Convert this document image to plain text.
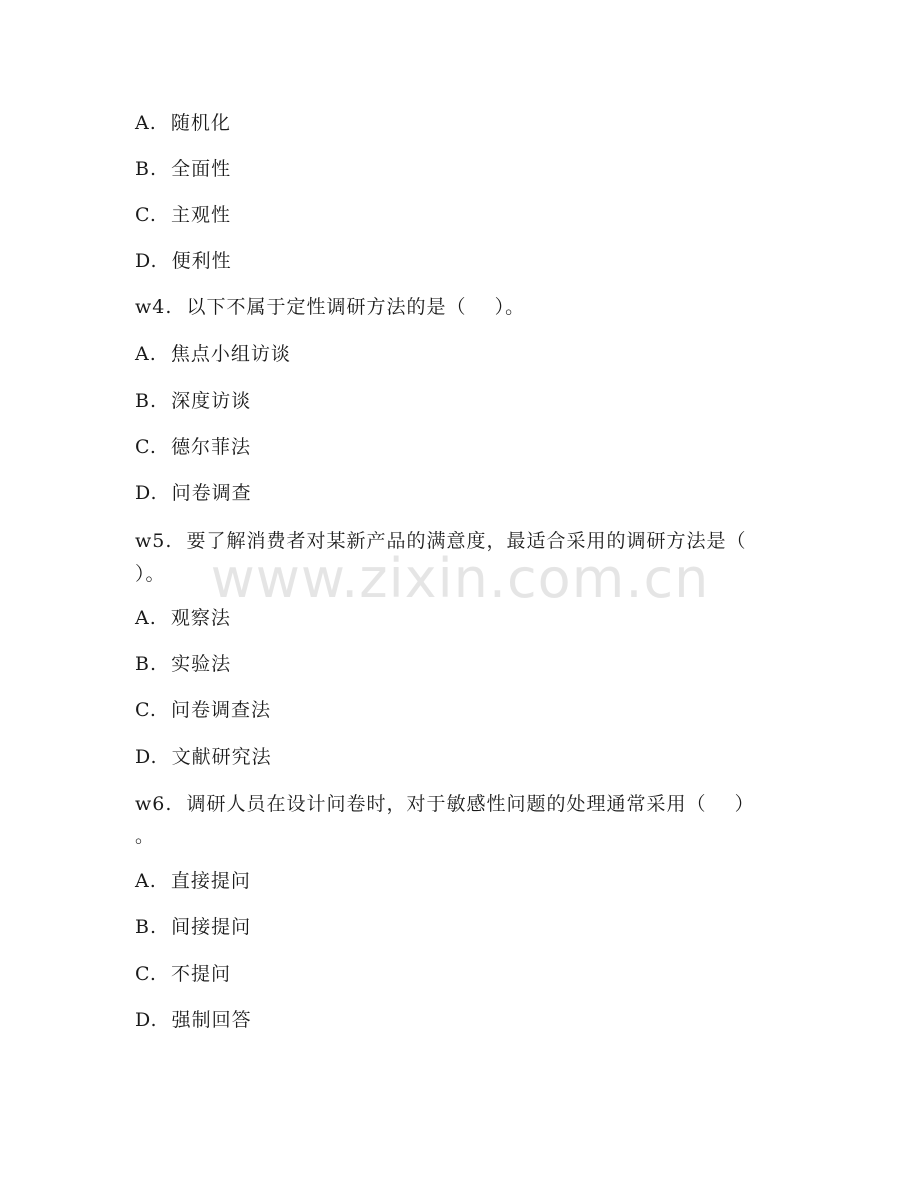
A.  随机化
B.  全面性
C.  主观性
D.  便利性
w4.  以下不属于定性调研方法的是（    ）。
A.  焦点小组访谈
B.  深度访谈
C.  德尔菲法
D.  问卷调查
w5.  要了解消费者对某新产品的满意度，最适合采用的调研方法是（
）。
A.  观察法
B.  实验法
C.  问卷调查法
D.  文献研究法
w6.  调研人员在设计问卷时，对于敏感性问题的处理通常采用（    ）
。
A.  直接提问
B.  间接提问
C.  不提问
D.  强制回答
www.zixin.com.cn
